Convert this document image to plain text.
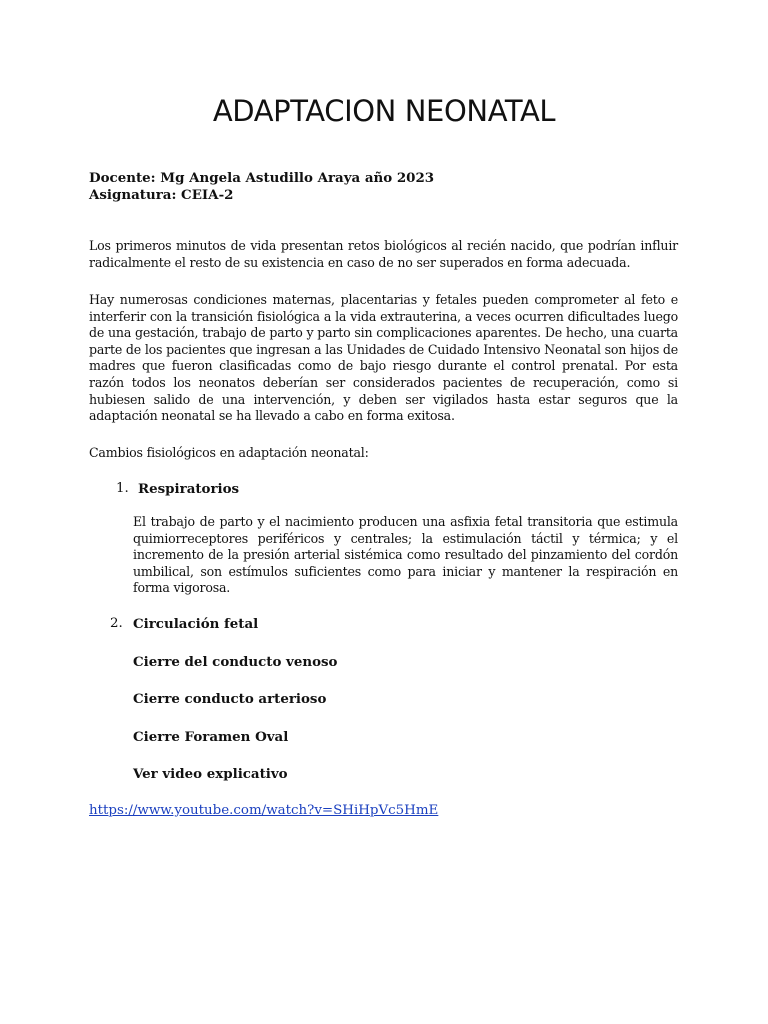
ADAPTACION NEONATAL
Docente: Mg Angela Astudillo Araya año 2023
Asignatura: CEIA-2

Los primeros minutos de vida presentan retos biológicos al recién nacido, que podrían influir radicalmente el resto de su existencia en caso de no ser superados en forma adecuada.

Hay numerosas condiciones maternas, placentarias y fetales pueden comprometer al feto e interferir con la transición fisiológica a la vida extrauterina, a veces ocurren dificultades luego de una gestación, trabajo de parto y parto sin complicaciones aparentes. De hecho, una cuarta parte de los pacientes que ingresan a las Unidades de Cuidado Intensivo Neonatal son hijos de madres que fueron clasificadas como de bajo riesgo durante el control prenatal. Por esta razón todos los neonatos deberían ser considerados pacientes de recuperación, como si hubiesen salido de una intervención, y deben ser vigilados hasta estar seguros que la adaptación neonatal se ha llevado a cabo en forma exitosa.

Cambios fisiológicos en adaptación neonatal:
1. Respiratorios

El trabajo de parto y el nacimiento producen una asfixia fetal transitoria que estimula quimiorreceptores periféricos y centrales; la estimulación táctil y térmica; y el incremento de la presión arterial sistémica como resultado del pinzamiento del cordón umbilical, son estímulos suficientes como para iniciar y mantener la respiración en forma vigorosa.

2. Circulación fetal
Cierre del conducto venoso
Cierre conducto arterioso
Cierre Foramen Oval
Ver video explicativo
https://www.youtube.com/watch?v=SHiHpVc5HmE
